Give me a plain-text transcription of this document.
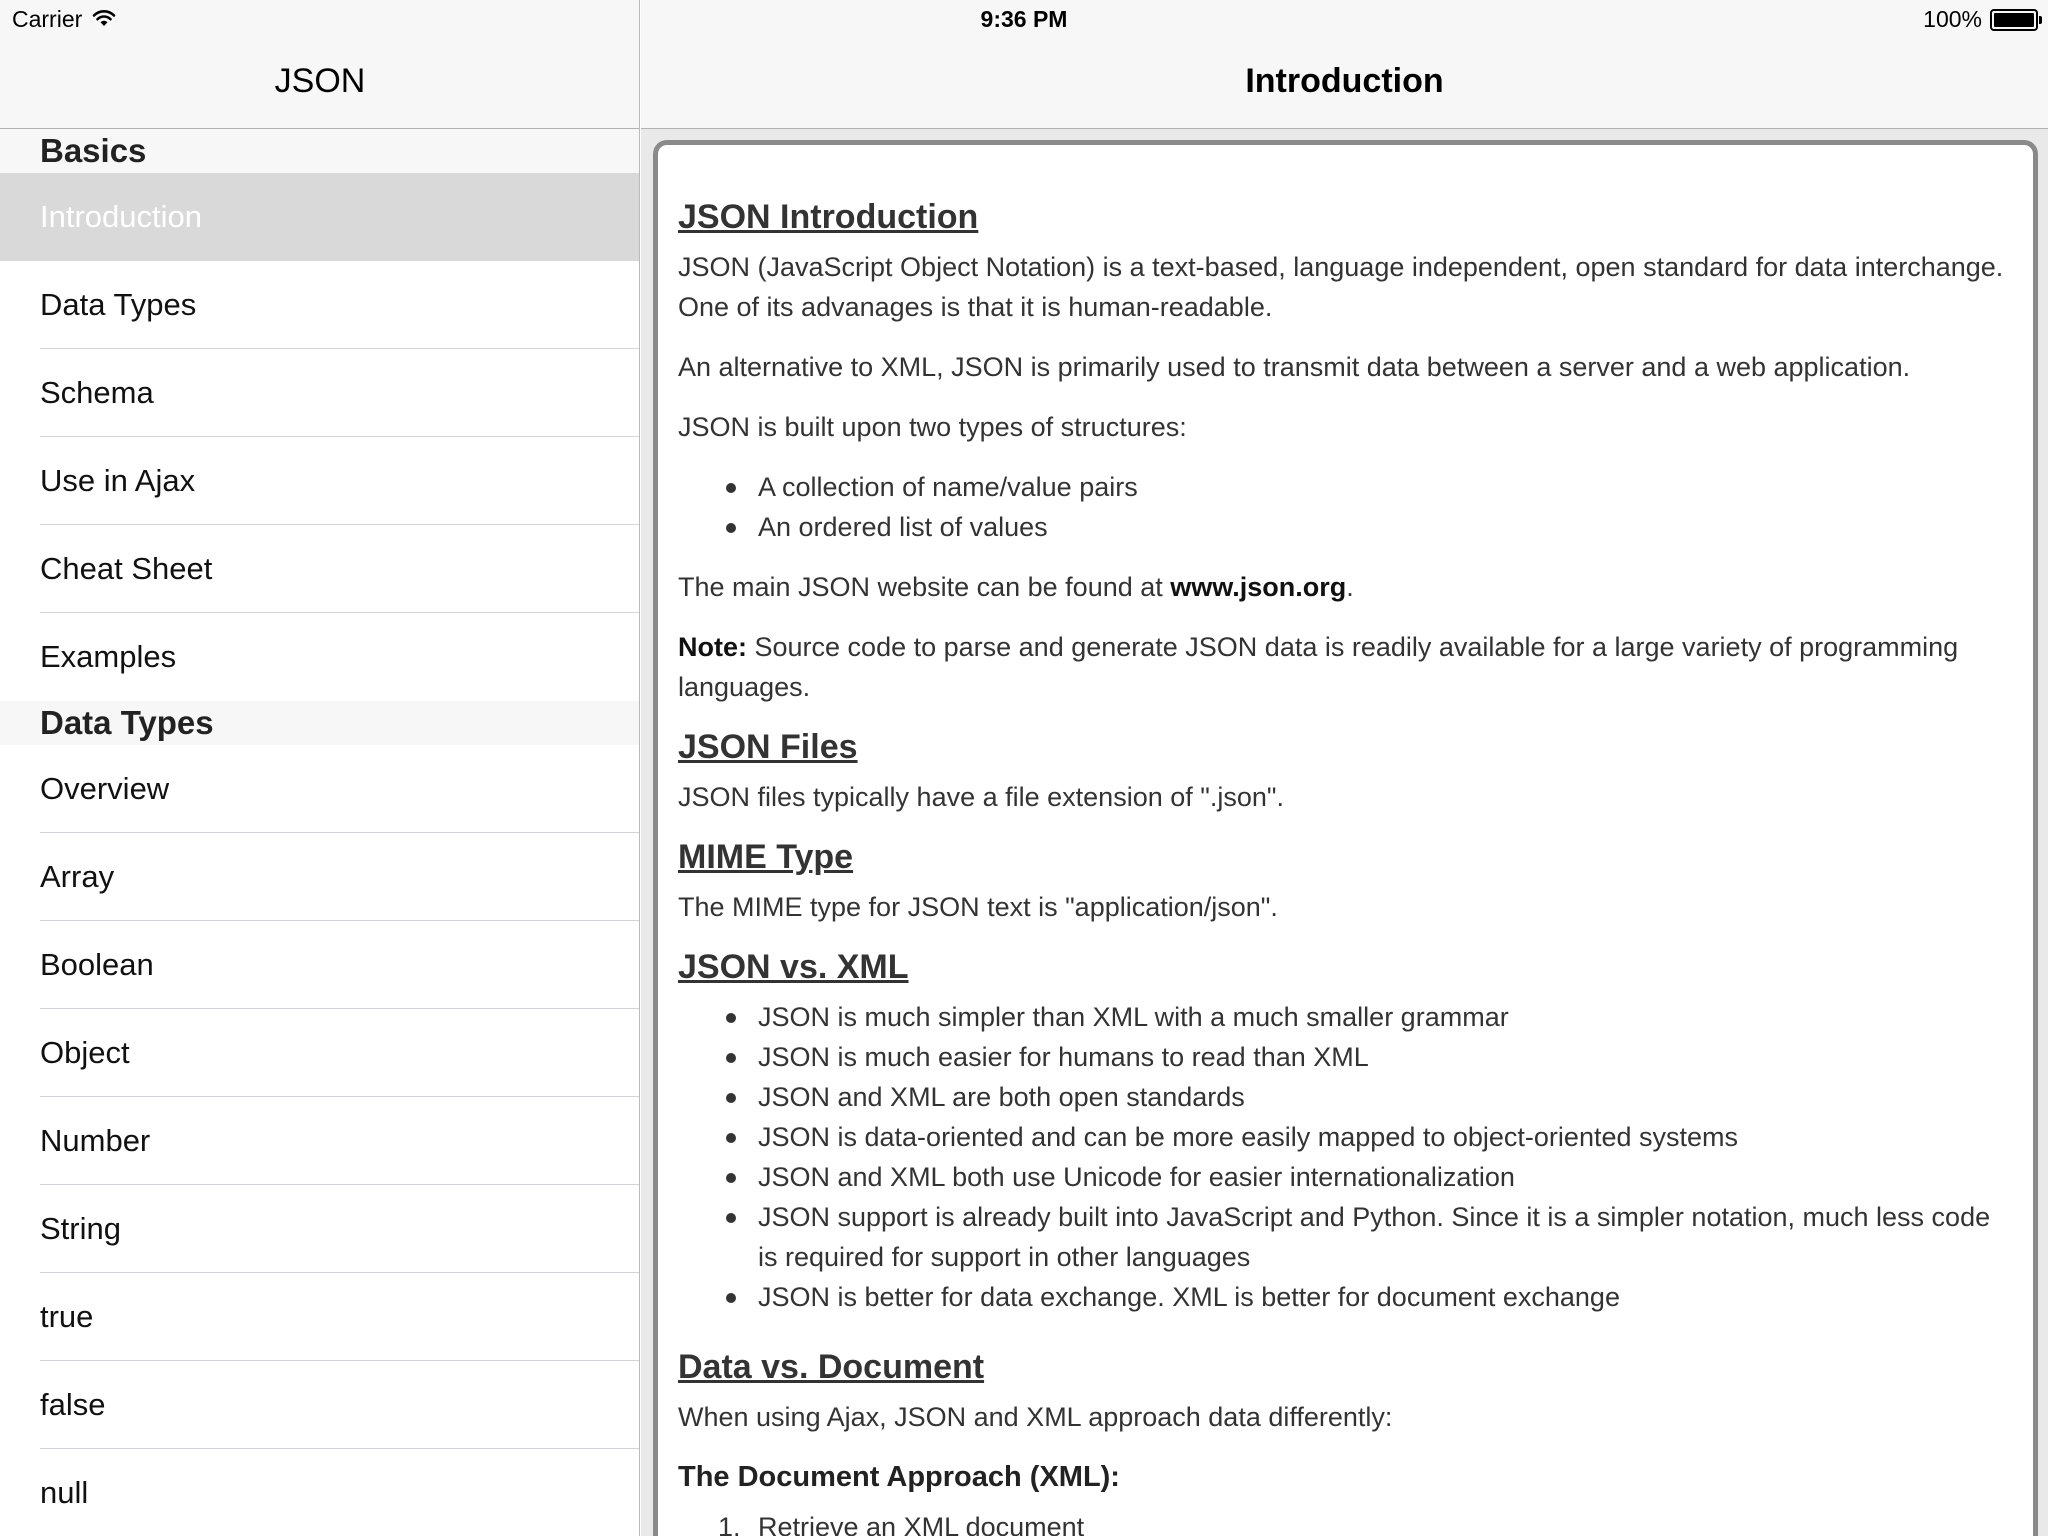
JSON
Basics
Introduction
Data Types
Schema
Use in Ajax
Cheat Sheet
Examples
Data Types
Overview
Array
Boolean
Object
Number
String
true
false
null
Introduction
JSON Introduction

JSON (JavaScript Object Notation) is a text-based, language independent, open standard for data interchange. One of its advanages is that it is human-readable.

An alternative to XML, JSON is primarily used to transmit data between a server and a web application.

JSON is built upon two types of structures:

A collection of name/value pairs
An ordered list of values

The main JSON website can be found at www.json.org.

Note: Source code to parse and generate JSON data is readily available for a large variety of programming languages.

JSON Files

JSON files typically have a file extension of ".json".

MIME Type

The MIME type for JSON text is "application/json".

JSON vs. XML
JSON is much simpler than XML with a much smaller grammar
JSON is much easier for humans to read than XML
JSON and XML are both open standards
JSON is data-oriented and can be more easily mapped to object-oriented systems
JSON and XML both use Unicode for easier internationalization
JSON support is already built into JavaScript and Python. Since it is a simpler notation, much less code is required for support in other languages
JSON is better for data exchange. XML is better for document exchange
Data vs. Document

When using Ajax, JSON and XML approach data differently:

The Document Approach (XML):
1. Retrieve an XML document
Carrier	9:36 PM	100%
